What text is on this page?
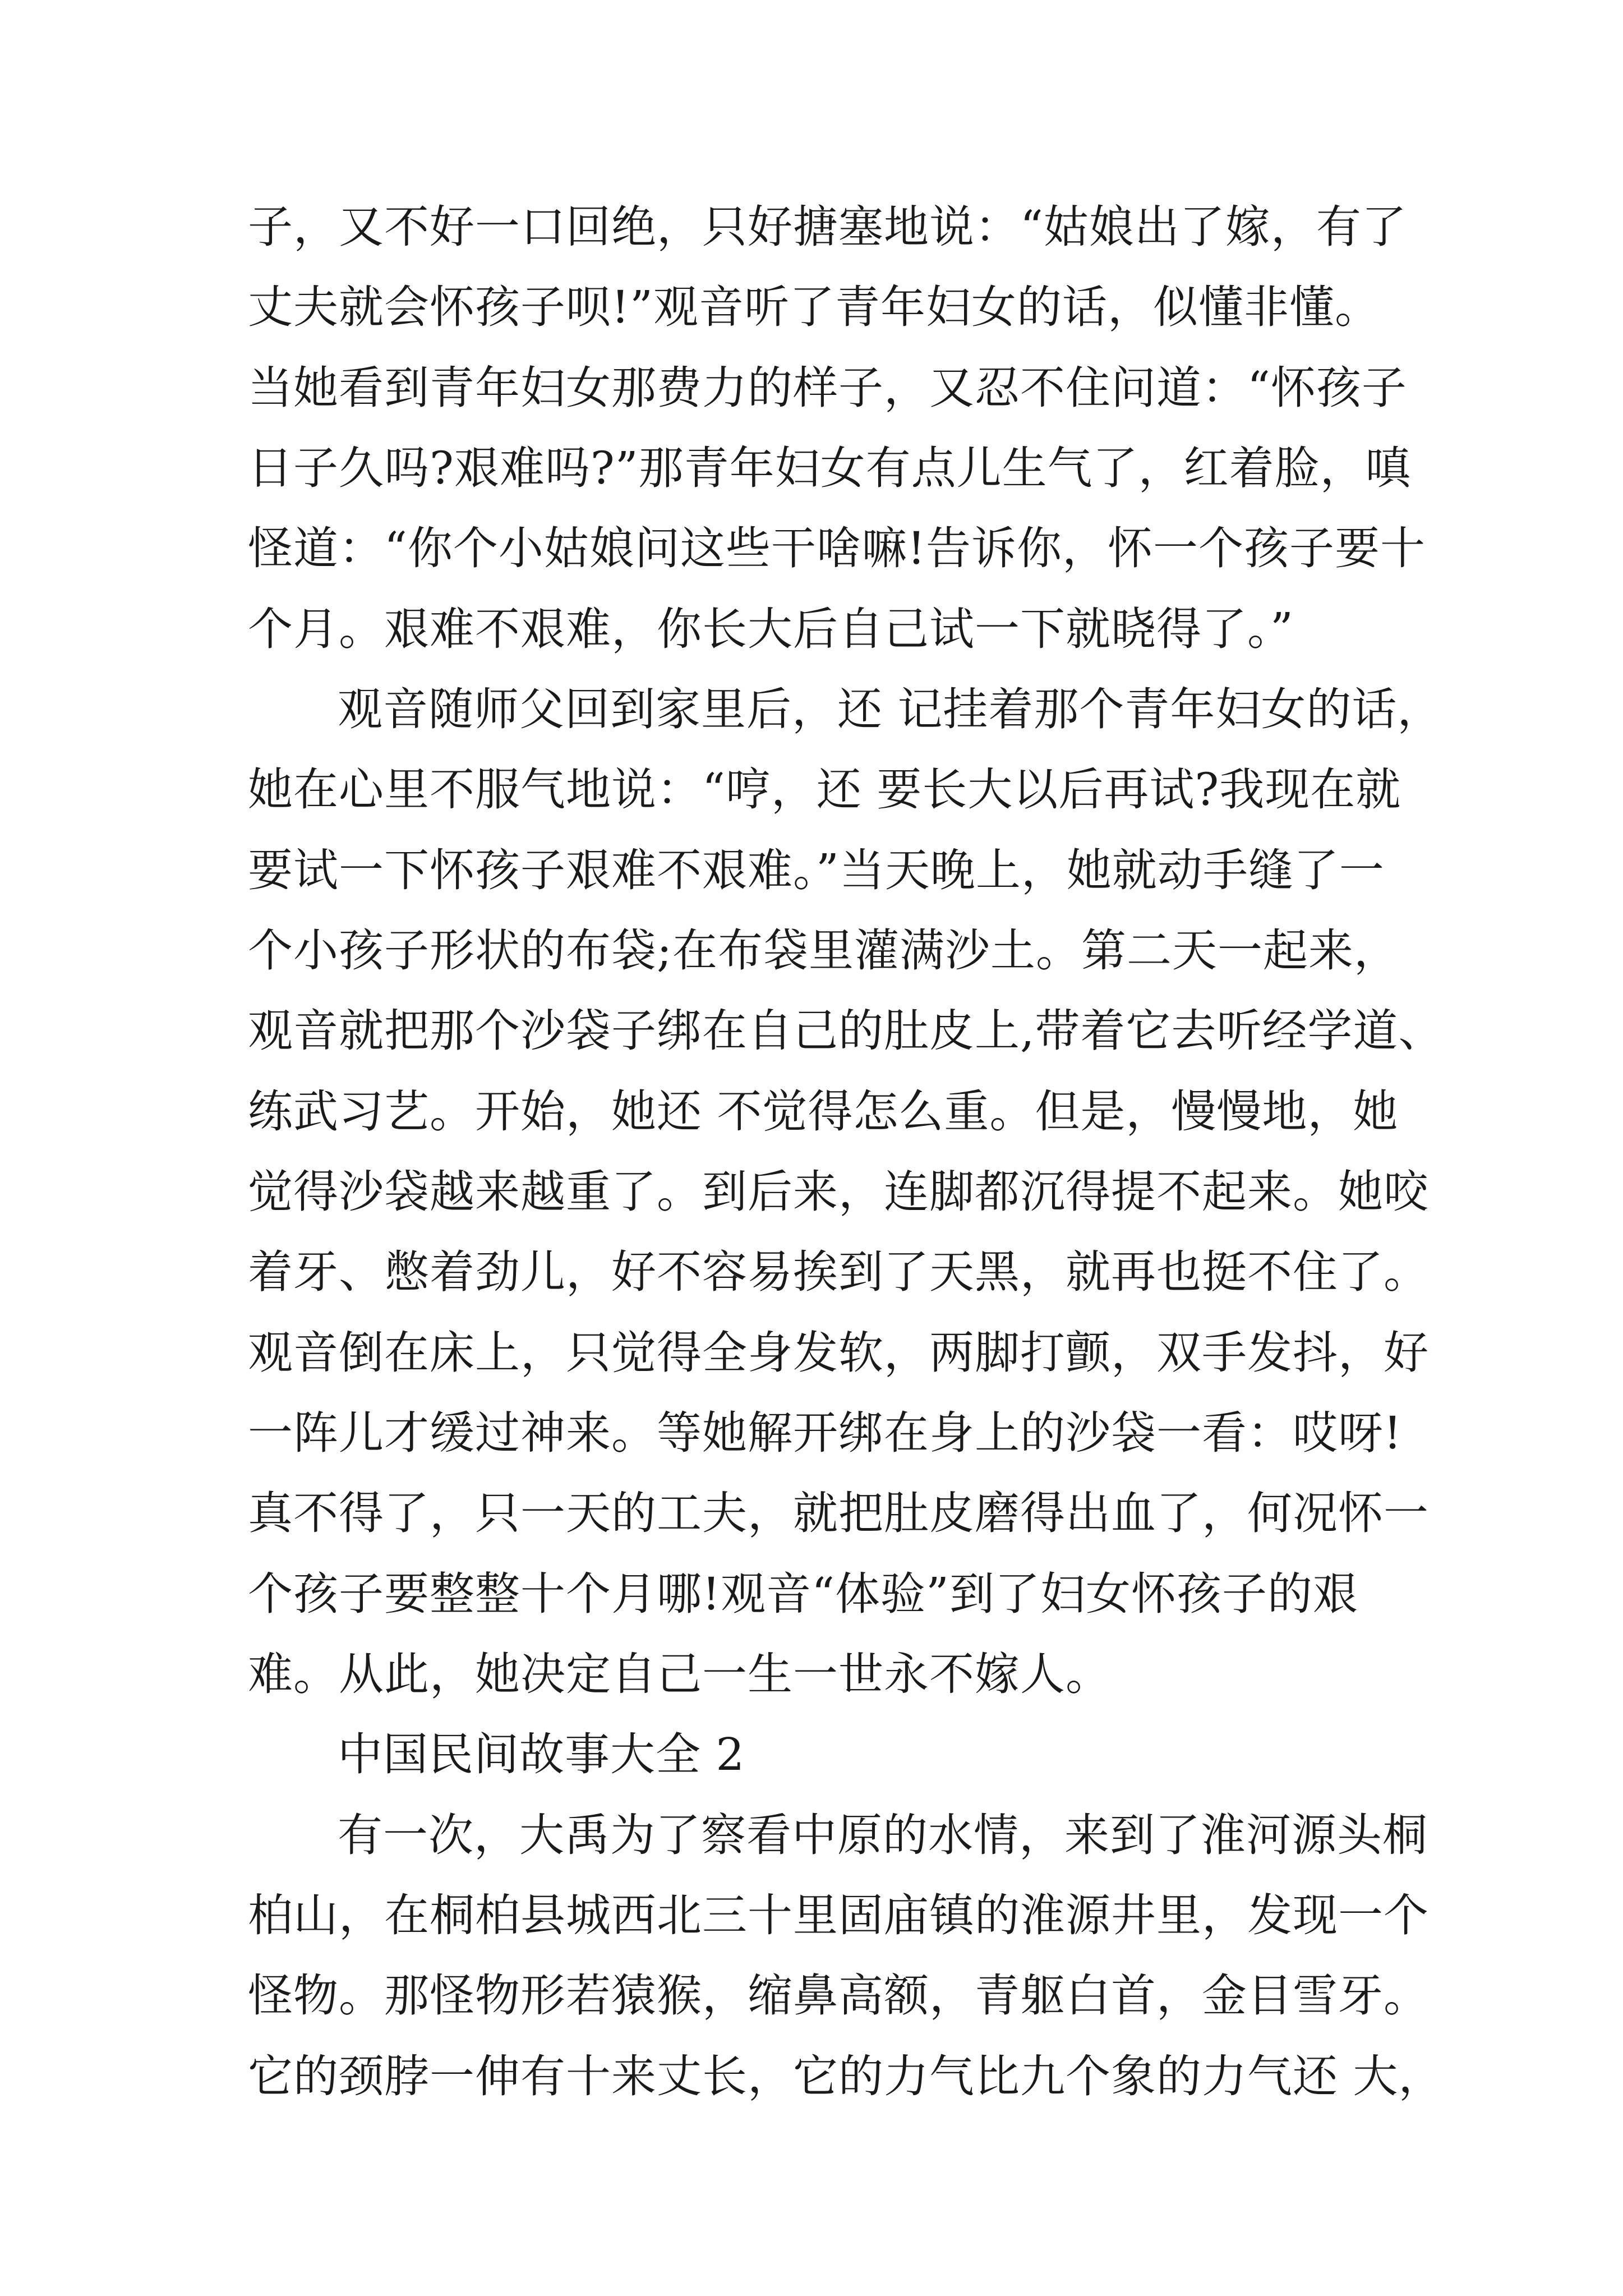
子，又不好一口回绝，只好搪塞地说：“姑娘出了嫁，有了
丈夫就会怀孩子呗!”观音听了青年妇女的话，似懂非懂。
当她看到青年妇女那费力的样子，又忍不住问道：“怀孩子
日子久吗?艰难吗?”那青年妇女有点儿生气了，红着脸，嗔
怪道：“你个小姑娘问这些干啥嘛!告诉你，怀一个孩子要十
个月。艰难不艰难，你长大后自己试一下就晓得了。”
观音随师父回到家里后，还 记挂着那个青年妇女的话，
她在心里不服气地说：“哼，还 要长大以后再试?我现在就
要试一下怀孩子艰难不艰难。”当天晚上，她就动手缝了一
个小孩子形状的布袋;在布袋里灌满沙土。第二天一起来，
观音就把那个沙袋子绑在自己的肚皮上,带着它去听经学道、
练武习艺。开始，她还 不觉得怎么重。但是，慢慢地，她
觉得沙袋越来越重了。到后来，连脚都沉得提不起来。她咬
着牙、憋着劲儿，好不容易挨到了天黑，就再也挺不住了。
观音倒在床上，只觉得全身发软，两脚打颤，双手发抖，好
一阵儿才缓过神来。等她解开绑在身上的沙袋一看：哎呀!
真不得了，只一天的工夫，就把肚皮磨得出血了，何况怀一
个孩子要整整十个月哪!观音“体验”到了妇女怀孩子的艰
难。从此，她决定自己一生一世永不嫁人。
中国民间故事大全 2
有一次，大禹为了察看中原的水情，来到了淮河源头桐
柏山，在桐柏县城西北三十里固庙镇的淮源井里，发现一个
怪物。那怪物形若猿猴，缩鼻高额，青躯白首，金目雪牙。
它的颈脖一伸有十来丈长，它的力气比九个象的力气还 大，
